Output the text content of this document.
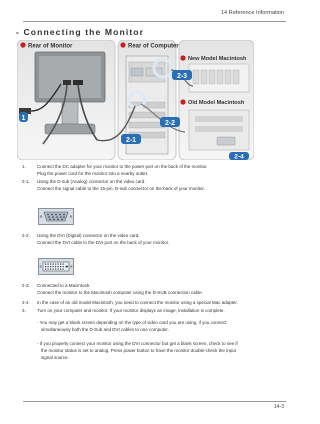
14 Reference Information
- Connecting the Monitor
Rear of Monitor	Rear of Computer
New Model Macintosh
Old Model Macintosh
1
2-1
2-2
2-3
2-4
1. Connect the DC adapter for your monitor to the power port on the back of the monitor.
Plug the power cord for the monitor into a nearby outlet.
2-1. Using the D-sub (Analog) connector on the video card.
Connect the signal cable to the 15-pin, D-sub connector on the back of your monitor.
2-2. Using the DVI (Digital) connector on the video card.
Connect the DVI cable to the DVI port on the back of your monitor.
2-3. Connected to a Macintosh.
Connect the monitor to the Macintosh computer using the D-SUB connection cable.
2-4. In the case of an old model Macintosh, you need to connect the monitor using a special Mac adapter.
3. Turn on your computer and monitor. If your monitor displays an image, installation is complete.
- You may get a blank screen depending on the type of video card you are using, if you connect
simultaneously both the D-Sub and DVI cables to one computer.
- If you properly connect your monitor using the DVI connector but get a blank screen, check to see if
the monitor status is set to analog. Press power button to have the monitor double-check the input
signal source.
14-3
